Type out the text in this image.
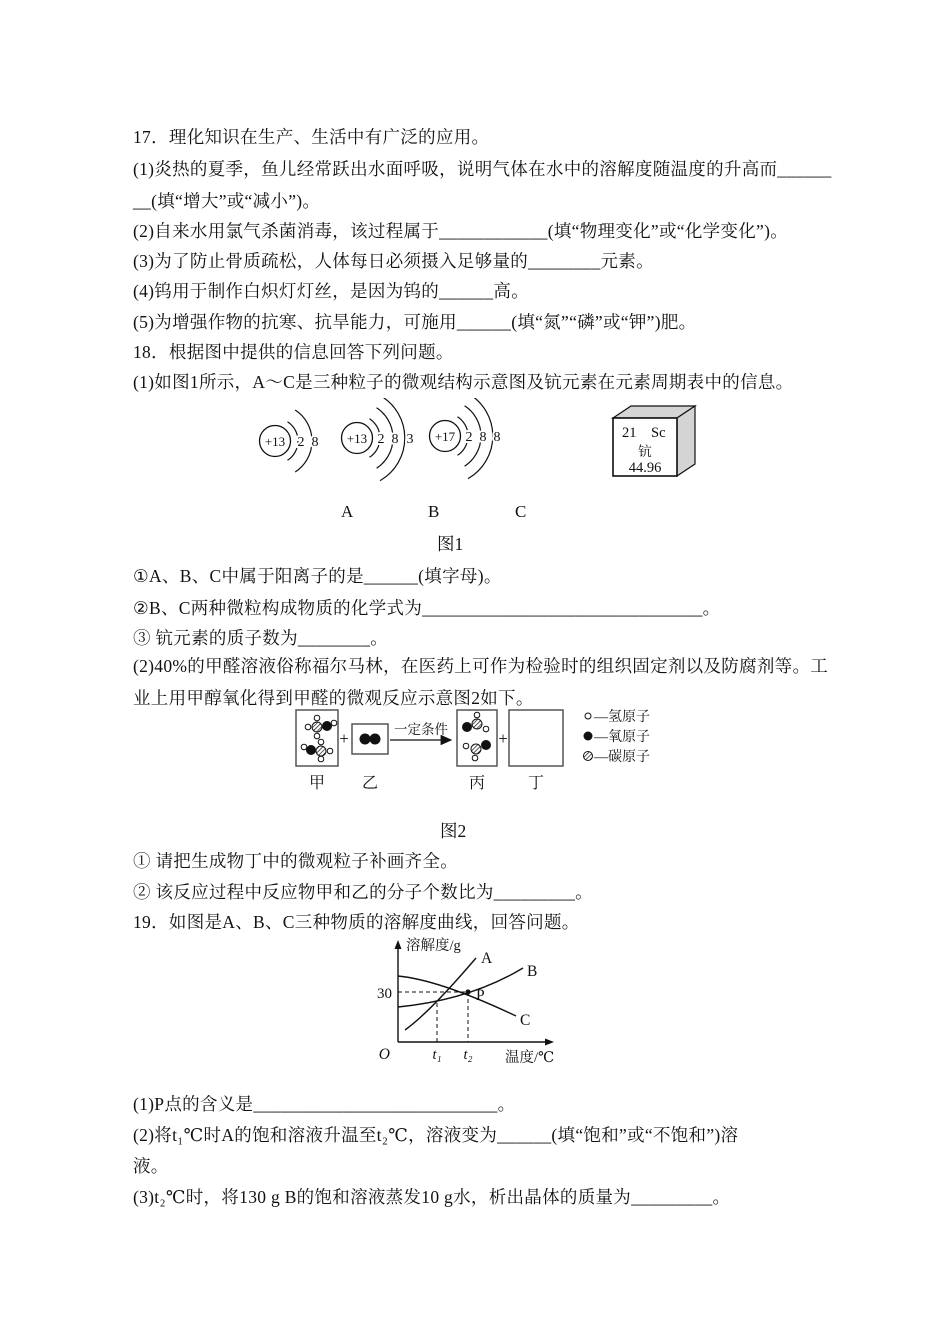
17．理化知识在生产、生活中有广泛的应用。
(1)炎热的夏季，鱼儿经常跃出水面呼吸，说明气体在水中的溶解度随温度的升高而______
__(填“增大”或“减小”)。
(2)自来水用氯气杀菌消毒，该过程属于____________(填“物理变化”或“化学变化”)。
(3)为了防止骨质疏松，人体每日必须摄入足够量的________元素。
(4)钨用于制作白炽灯灯丝，是因为钨的______高。
(5)为增强作物的抗寒、抗旱能力，可施用______(填“氮”“磷”或“钾”)肥。
18．根据图中提供的信息回答下列问题。
(1)如图1所示，A～C是三种粒子的微观结构示意图及钪元素在元素周期表中的信息。
+13 2 8 +13 2 8 3 +17 2 8 8	21 Sc
钪
44.96
A	B	C
图1
①A、B、C中属于阳离子的是______(填字母)。
②B、C两种微粒构成物质的化学式为_______________________________。
③ 钪元素的质子数为________。
(2)40%的甲醛溶液俗称福尔马林，在医药上可作为检验时的组织固定剂以及防腐剂等。工
业上用甲醇氧化得到甲醛的微观反应示意图2如下。
+	一定条件	+
—氢原子
—氧原子
—碳原子
甲 乙	丙	丁
图2
① 请把生成物丁中的微观粒子补画齐全。
② 该反应过程中反应物甲和乙的分子个数比为_________。
19．如图是A、B、C三种物质的溶解度曲线，回答问题。
溶解度/g
温度/℃
30
O	t₁ t₂
A
B
C
P
(1)P点的含义是___________________________。
(2)将t₁℃时A的饱和溶液升温至t₂℃，溶液变为______(填“饱和”或“不饱和”)溶
液。
(3)t₂℃时，将130 g B的饱和溶液蒸发10 g水，析出晶体的质量为_________。
